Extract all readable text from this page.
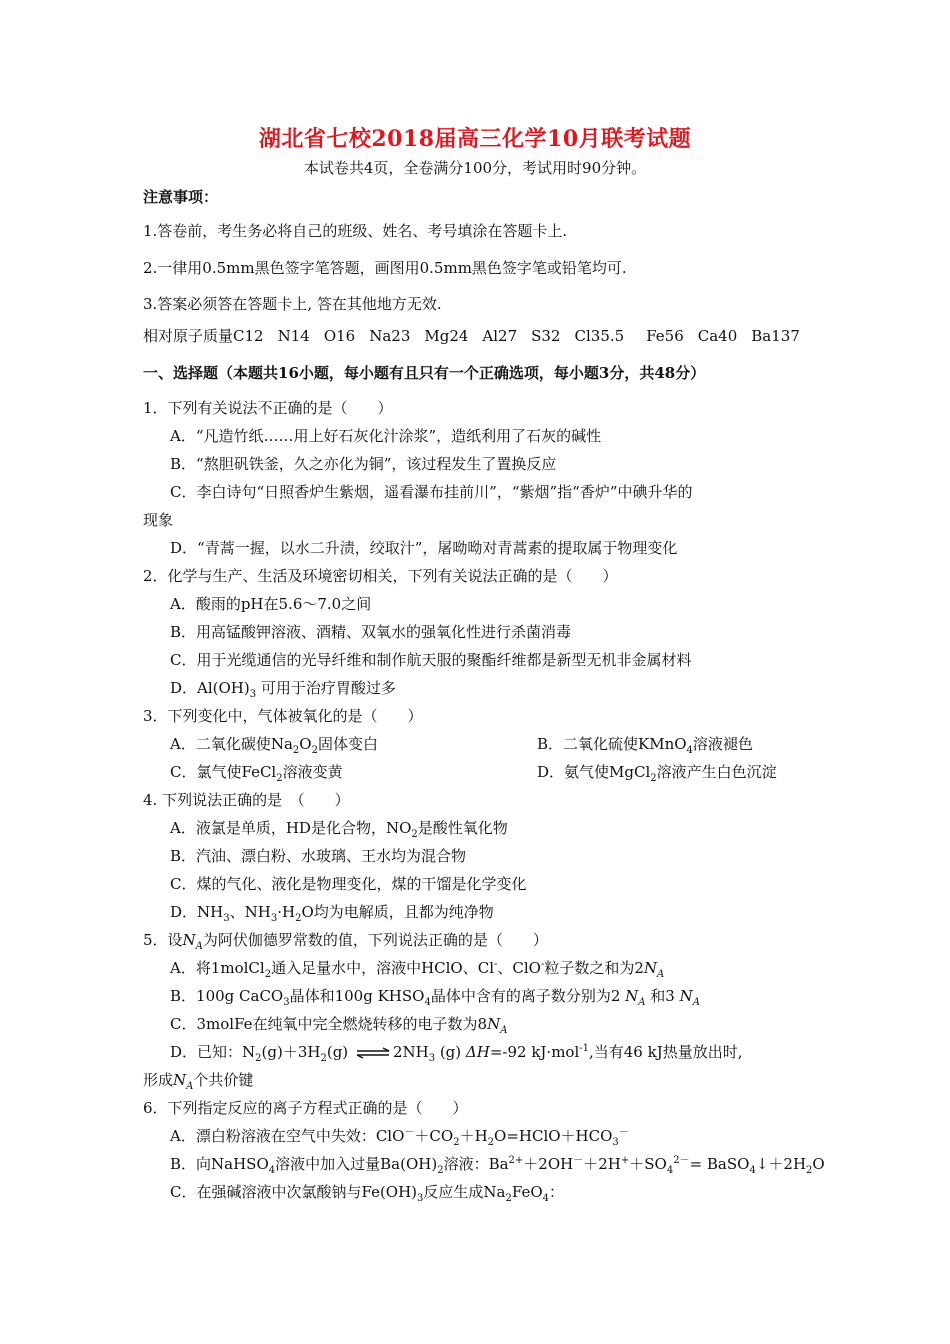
湖北省七校2018届高三化学10月联考试题
本试卷共4页，全卷满分100分，考试用时90分钟。
注意事项：
1.答卷前，考生务必将自己的班级、姓名、考号填涂在答题卡上.
2.一律用0.5mm黑色签字笔答题，画图用0.5mm黑色签字笔或铅笔均可.
3.答案必须答在答题卡上, 答在其他地方无效.
相对原子质量C12 N14 O16 Na23 Mg24 Al27 S32 Cl35.5 Fe56 Ca40 Ba137
一、选择题（本题共16小题，每小题有且只有一个正确选项，每小题3分，共48分）
1．下列有关说法不正确的是（　　）
A．“凡造竹纸……用上好石灰化汁涂浆”，造纸利用了石灰的碱性
B．“熬胆矾铁釜，久之亦化为铜”，该过程发生了置换反应
C．李白诗句“日照香炉生紫烟，遥看瀑布挂前川”，“紫烟”指“香炉”中碘升华的
现象
D．“青蒿一握，以水二升渍，绞取汁”，屠呦呦对青蒿素的提取属于物理变化
2．化学与生产、生活及环境密切相关，下列有关说法正确的是（　　）
A．酸雨的pH在5.6～7.0之间
B．用高锰酸钾溶液、酒精、双氧水的强氧化性进行杀菌消毒
C．用于光缆通信的光导纤维和制作航天服的聚酯纤维都是新型无机非金属材料
D．$Al(OH)_3$ 可用于治疗胃酸过多
3．下列变化中，气体被氧化的是（　　）
A．二氧化碳使$Na_2O_2$固体变白	B．二氧化硫使KMnO$_4$溶液褪色
C．氯气使FeCl$_2$溶液变黄	D．氨气使MgCl$_2$溶液产生白色沉淀
4. 下列说法正确的是　（　　）
A．液氯是单质，HD是化合物，$NO_2$是酸性氧化物
B．汽油、漂白粉、水玻璃、王水均为混合物
C．煤的气化、液化是物理变化，煤的干馏是化学变化
D．$NH_3$、$NH_3\cdot H_2O$均为电解质，且都为纯净物
5．设$N_A$为阿伏伽德罗常数的值，下列说法正确的是（　　）
A．将1molCl$_2$通入足量水中，溶液中HClO、Cl-、ClO-粒子数之和为$2N_A$
B．100g CaCO$_3$晶体和100g $KHSO_4$晶体中含有的离子数分别为2 $N_A$ 和3 $N_A$
C．3molFe在纯氧中完全燃烧转移的电子数为$8N_A$
D．已知：$N_2(g)+3H_2(g)$ ⇌ $2NH_3$ (g) ΔH=-92 kJ·mol$^{-1}$,当有46 kJ热量放出时,
形成$N_A$个共价键
6．下列指定反应的离子方程式正确的是（　　）
A．漂白粉溶液在空气中失效：$ClO^-+CO_2+H_2O=HClO+HCO_3^-$
B．向NaHSO$_4$溶液中加入过量$Ba(OH)_2$溶液：$Ba^{2+}+2OH^-+2H^++SO_4^{2-}=$ $BaSO_4↓+2H_2O$
C．在强碱溶液中次氯酸钠与$Fe(OH)_3$反应生成$Na_2FeO_4$：
